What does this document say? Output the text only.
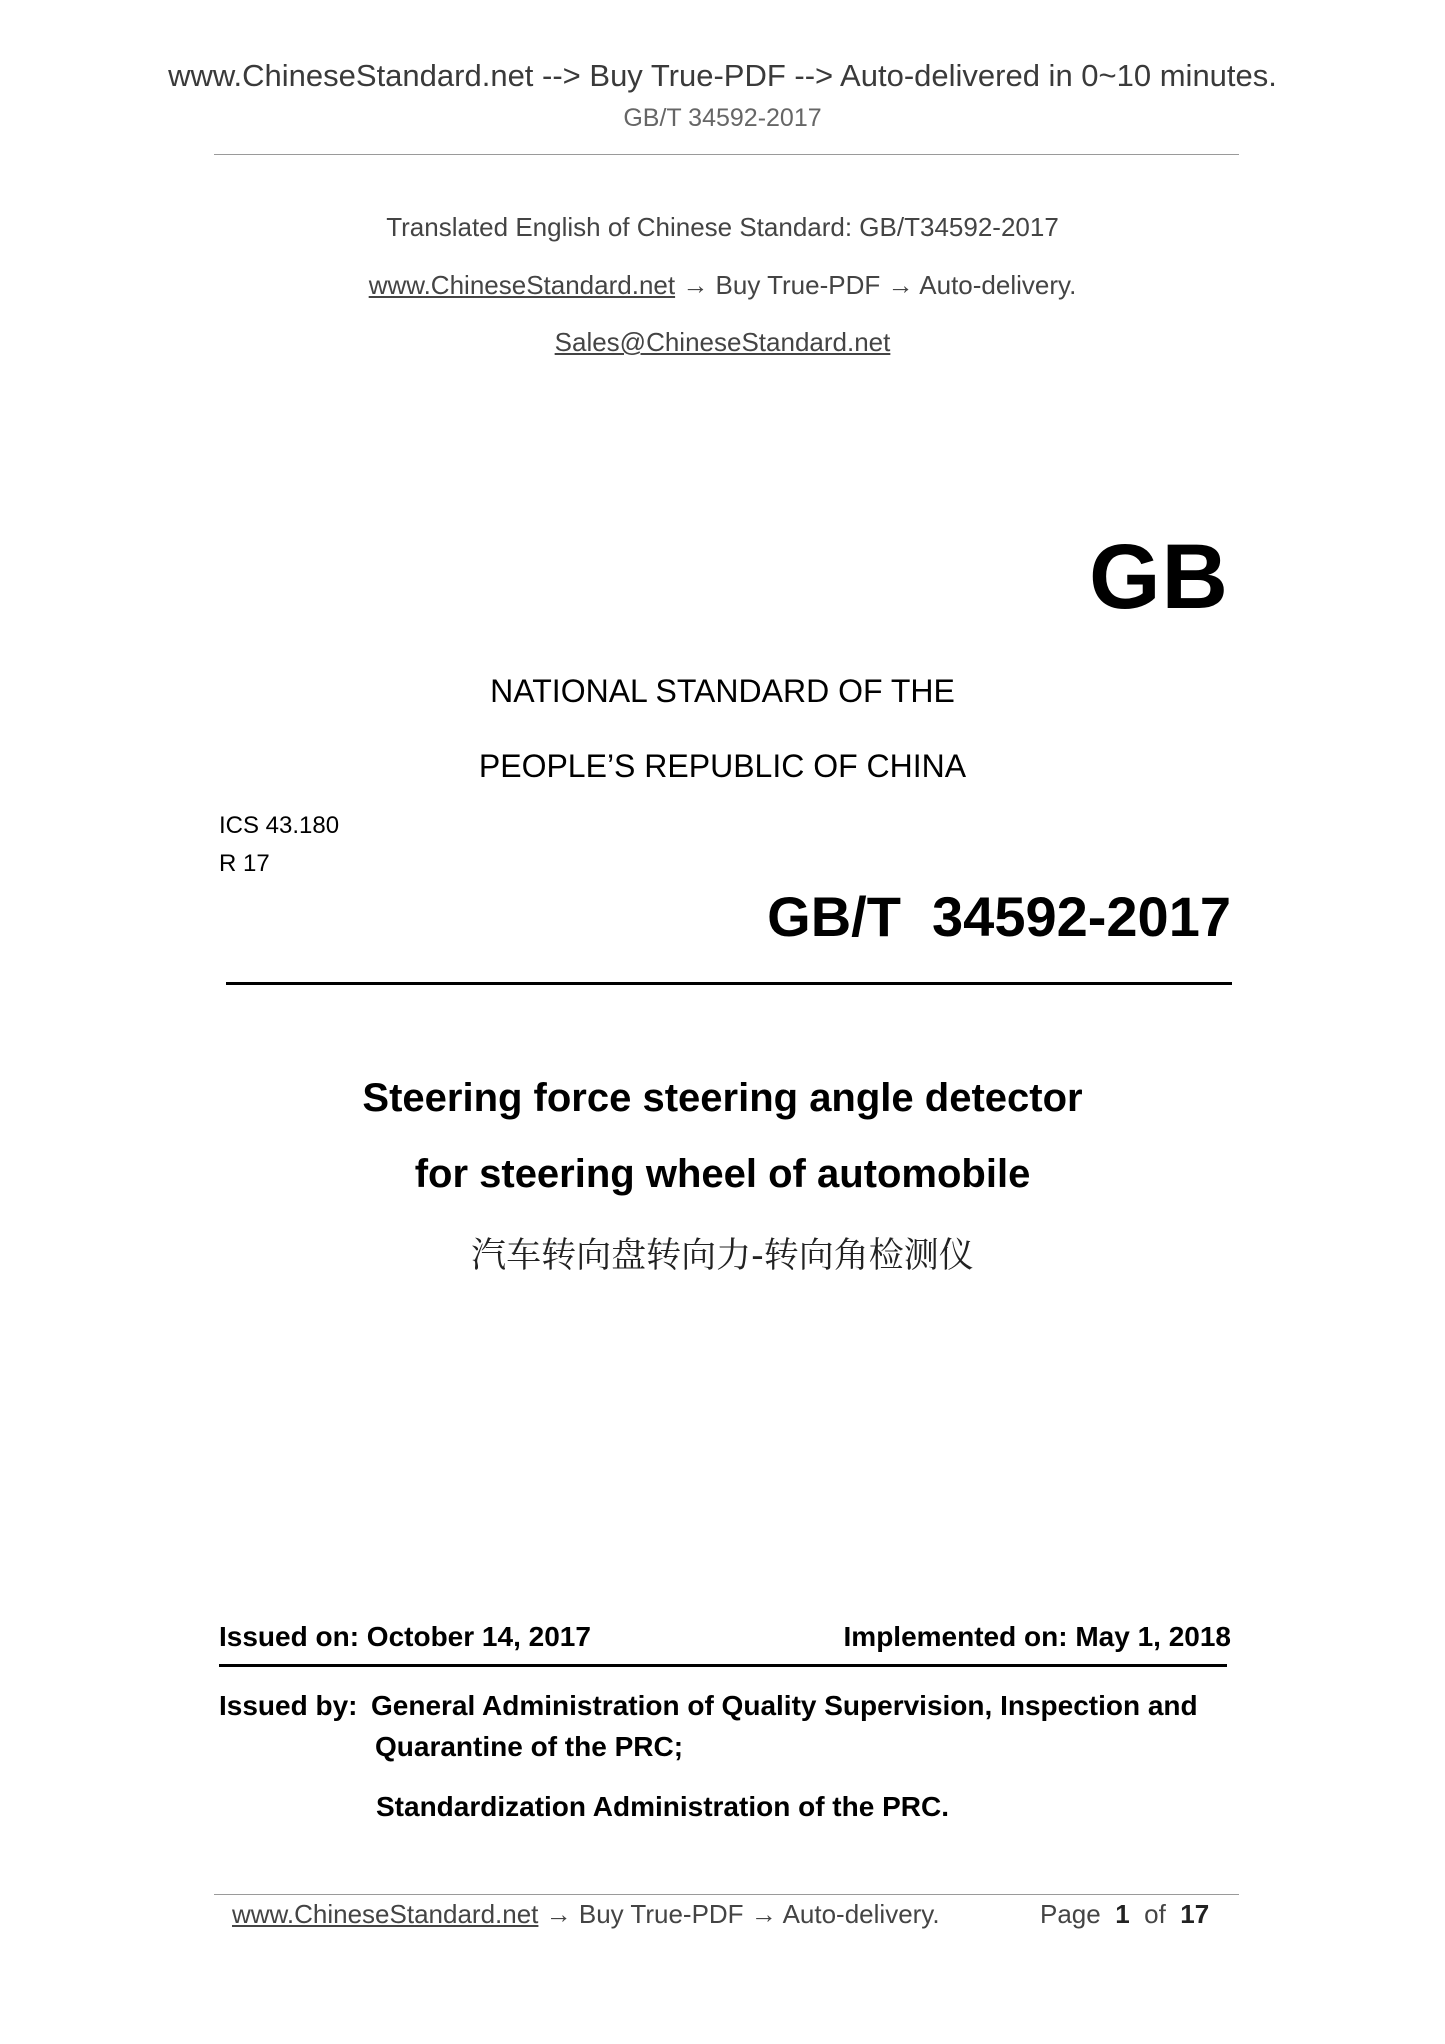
www.ChineseStandard.net --> Buy True-PDF --> Auto-delivered in 0~10 minutes.
GB/T 34592-2017
Translated English of Chinese Standard: GB/T34592-2017
www.ChineseStandard.net → Buy True-PDF → Auto-delivery.
Sales@ChineseStandard.net
GB
NATIONAL STANDARD OF THE
PEOPLE’S REPUBLIC OF CHINA
ICS 43.180
R 17
GB/T  34592-2017
Steering force steering angle detector
for steering wheel of automobile
汽车转向盘转向力-转向角检测仪
Issued on: October 14, 2017	Implemented on: May 1, 2018
Issued by: General Administration of Quality Supervision, Inspection and
Quarantine of the PRC;
Standardization Administration of the PRC.
www.ChineseStandard.net → Buy True-PDF → Auto-delivery.	Page 1 of 17
